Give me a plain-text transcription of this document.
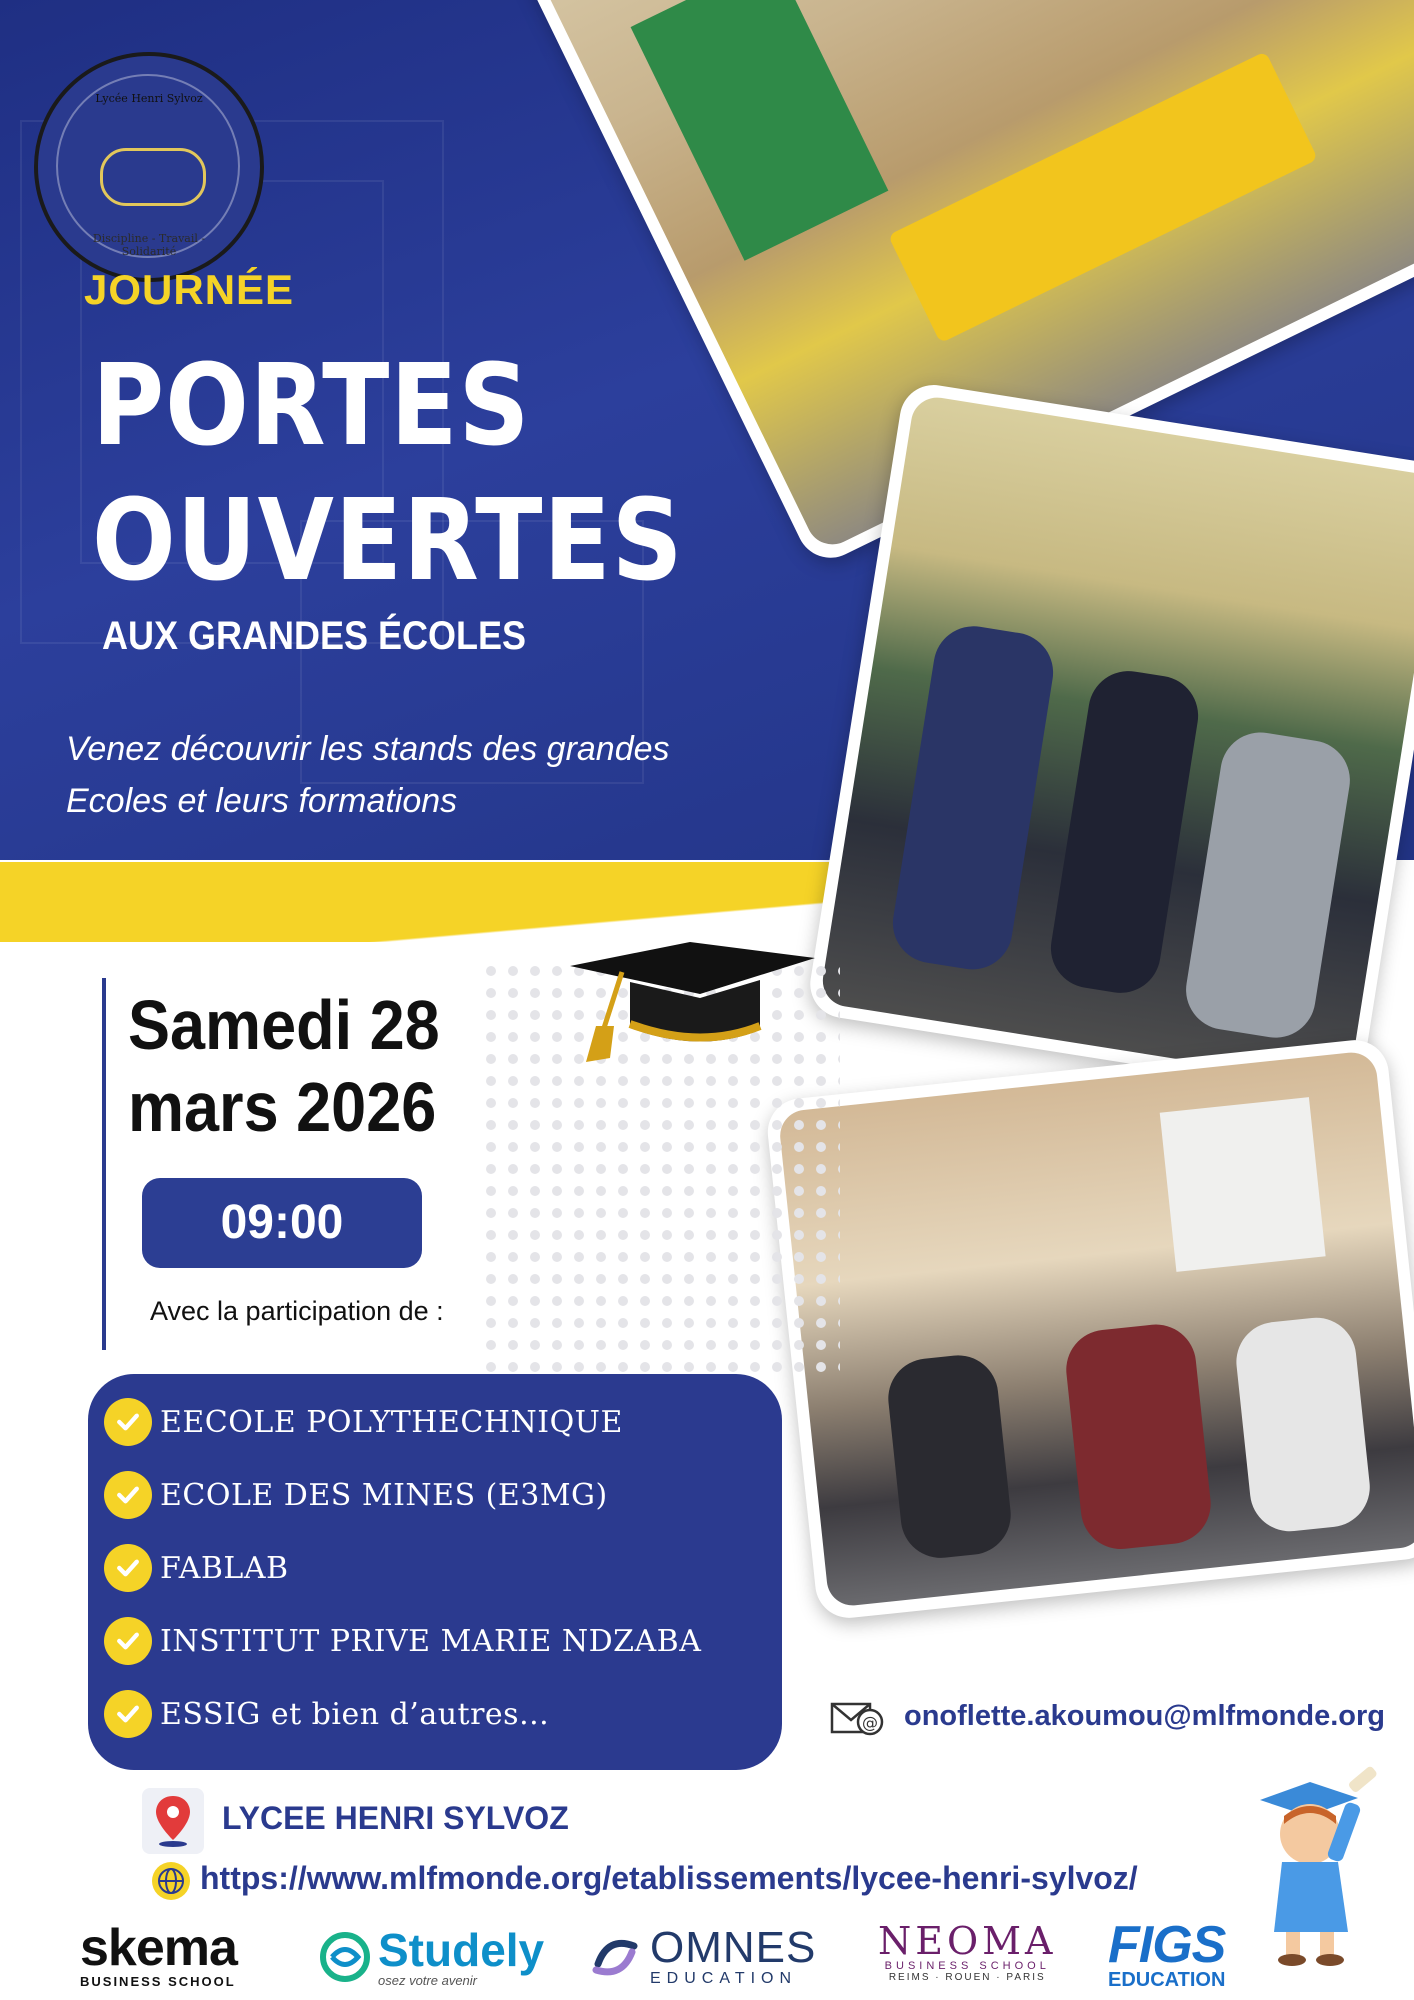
Lycée Henri Sylvoz
Discipline - Travail - Solidarité
JOURNÉE
PORTES
OUVERTES
AUX GRANDES ÉCOLES
Venez découvrir les stands des grandes
Ecoles et leurs formations
Samedi 28
mars 2026
09:00
Avec la participation de :
EECOLE POLYTHECHNIQUE
ECOLE DES MINES (E3MG)
FABLAB
INSTITUT PRIVE MARIE NDZABA
ESSIG et bien d’autres...	@ onoflette.akoumou@mlfmonde.org
LYCEE HENRI SYLVOZ
https://www.mlfmonde.org/etablissements/lycee-henri-sylvoz/
skema
BUSINESS SCHOOL
Studely
osez votre avenir
OMNES
EDUCATION
NEOMA
BUSINESS SCHOOL
REIMS · ROUEN · PARIS
FIGS
EDUCATION
